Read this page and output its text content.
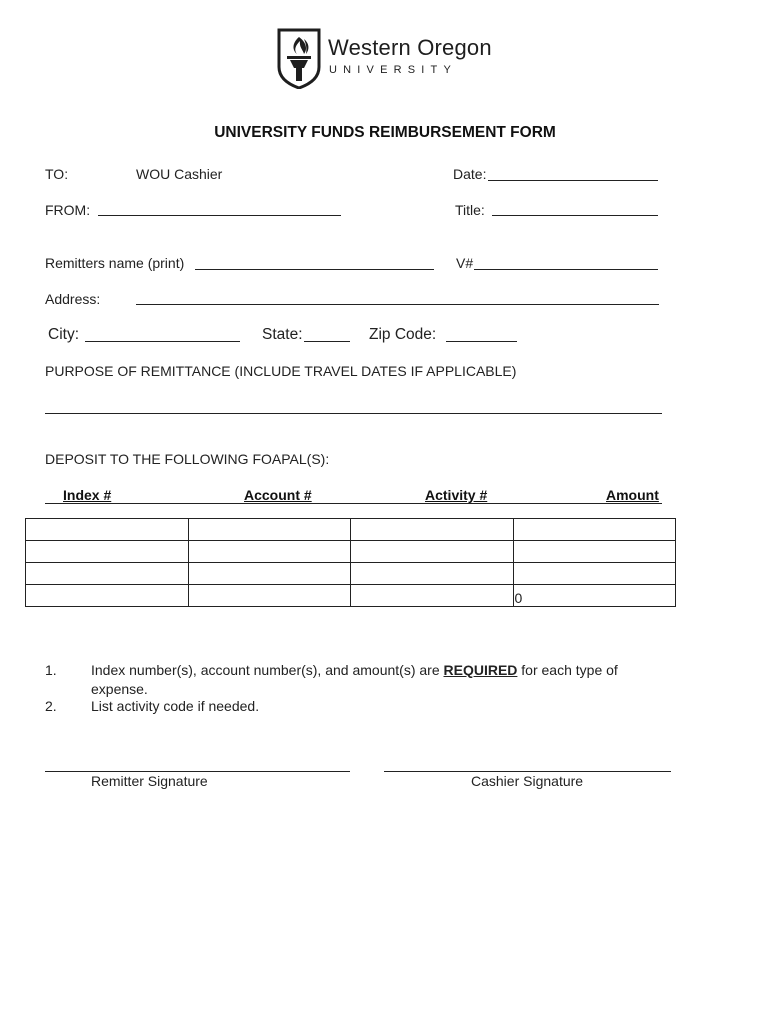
Western Oregon
UNIVERSITY
UNIVERSITY FUNDS REIMBURSEMENT FORM
TO:	WOU Cashier	Date:
FROM:	Title:
Remitters name (print)	V#
Address:
City:	State:	Zip Code:
PURPOSE OF REMITTANCE (INCLUDE TRAVEL DATES IF APPLICABLE)
DEPOSIT TO THE FOLLOWING FOAPAL(S):
Index #	Account #	Activity #	Amount

			0
1. Index number(s), account number(s), and amount(s) are REQUIRED for each type of
expense.
2. List activity code if needed.
Remitter Signature	Cashier Signature
